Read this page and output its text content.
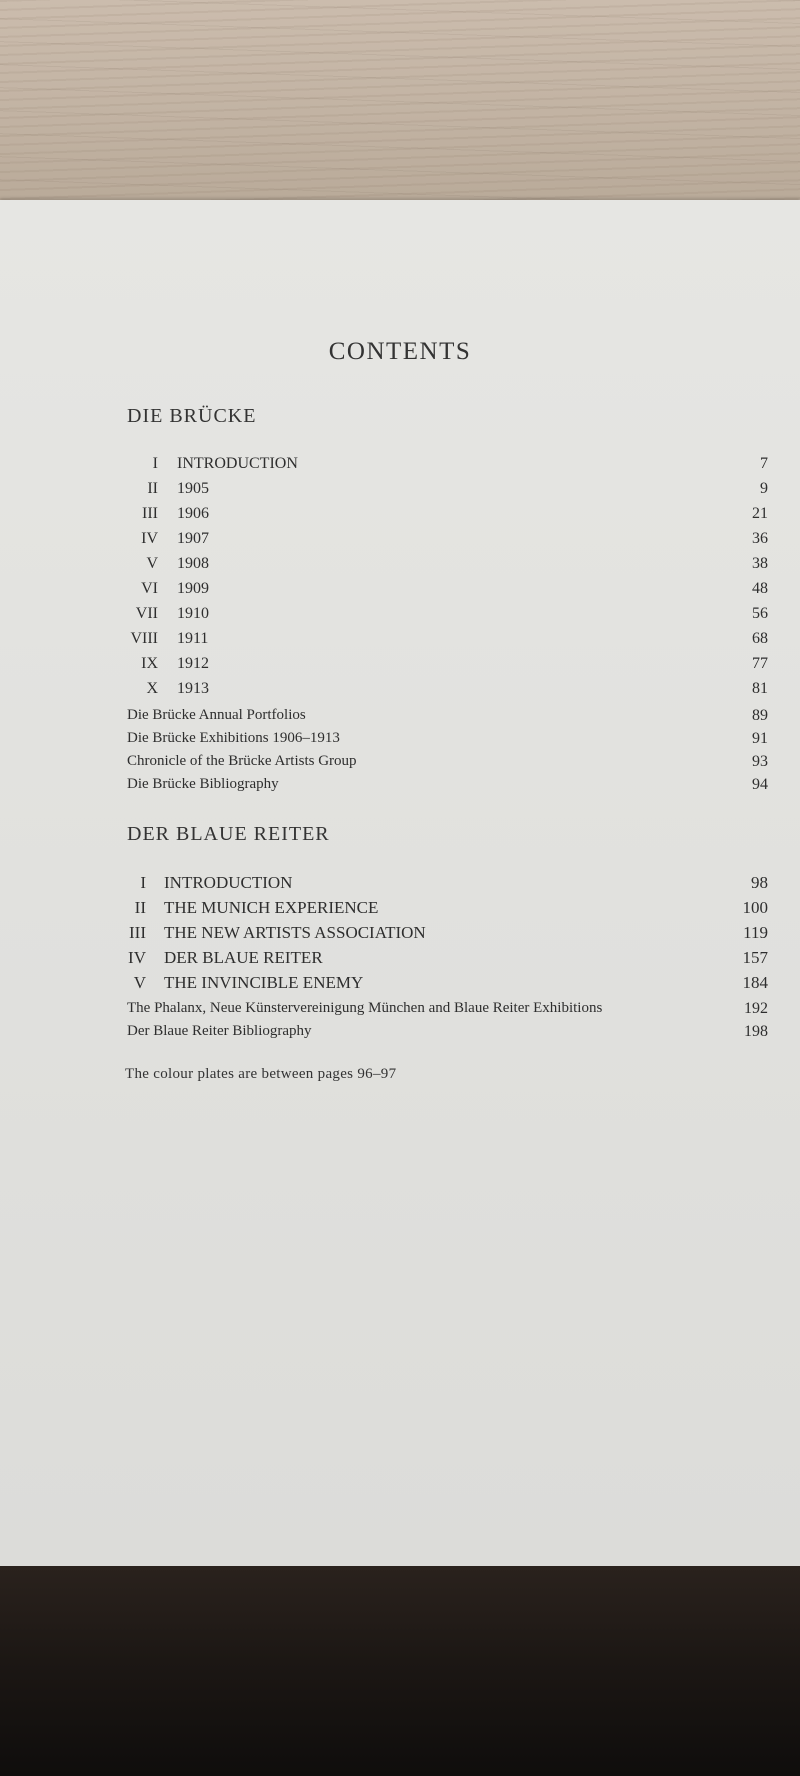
CONTENTS
DIE BRÜCKE
I INTRODUCTION	7
II 1905	9
III 1906	21
IV 1907	36
V 1908	38
VI 1909	48
VII 1910	56
VIII 1911	68
IX 1912	77
X 1913	81
Die Brücke Annual Portfolios	89
Die Brücke Exhibitions 1906–1913	91
Chronicle of the Brücke Artists Group	93
Die Brücke Bibliography	94
DER BLAUE REITER
I INTRODUCTION	98
II THE MUNICH EXPERIENCE	100
III THE NEW ARTISTS ASSOCIATION	119
IV DER BLAUE REITER	157
V THE INVINCIBLE ENEMY	184
The Phalanx, Neue Künstervereinigung München and Blaue Reiter Exhibitions	192
Der Blaue Reiter Bibliography	198
The colour plates are between pages 96–97
